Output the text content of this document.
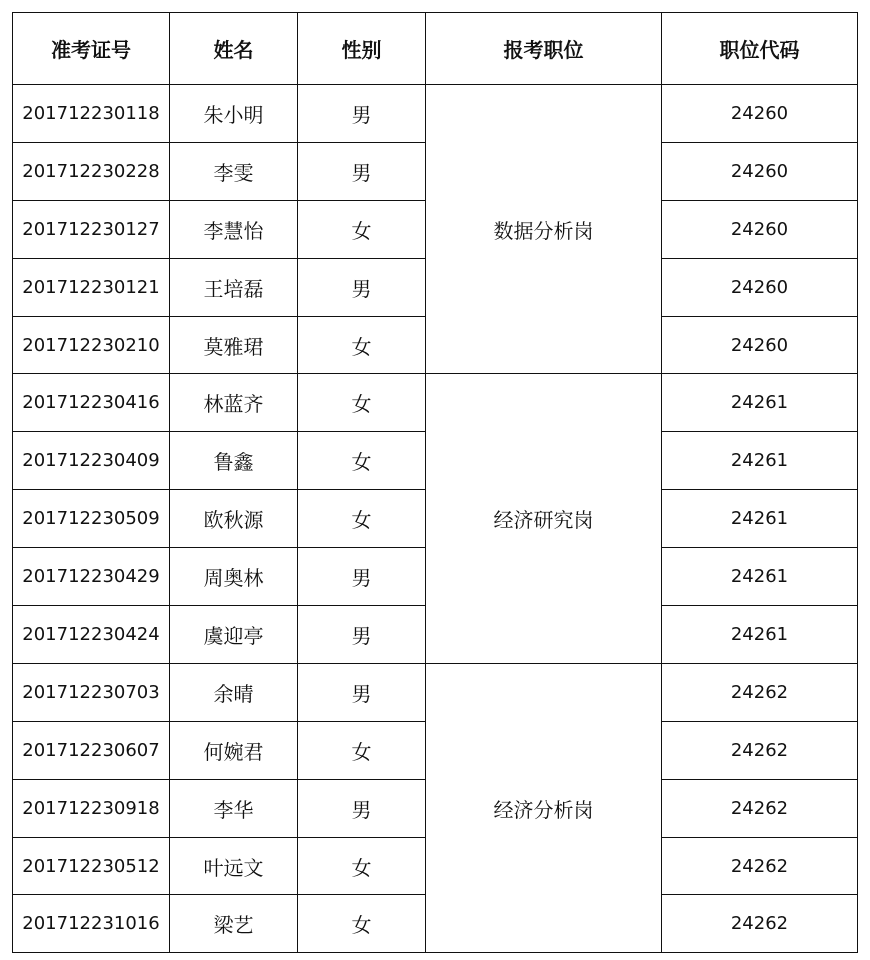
准考证号	姓名	性别	报考职位	职位代码
201712230118	朱小明	男	数据分析岗	24260
201712230228	李雯	男		24260
201712230127	李慧怡	女		24260
201712230121	王培磊	男		24260
201712230210	莫雅珺	女		24260
201712230416	林蓝齐	女	经济研究岗	24261
201712230409	鲁鑫	女		24261
201712230509	欧秋源	女		24261
201712230429	周奥林	男		24261
201712230424	虞迎亭	男		24261
201712230703	余晴	男	经济分析岗	24262
201712230607	何婉君	女		24262
201712230918	李华	男		24262
201712230512	叶远文	女		24262
201712231016	梁艺	女		24262
